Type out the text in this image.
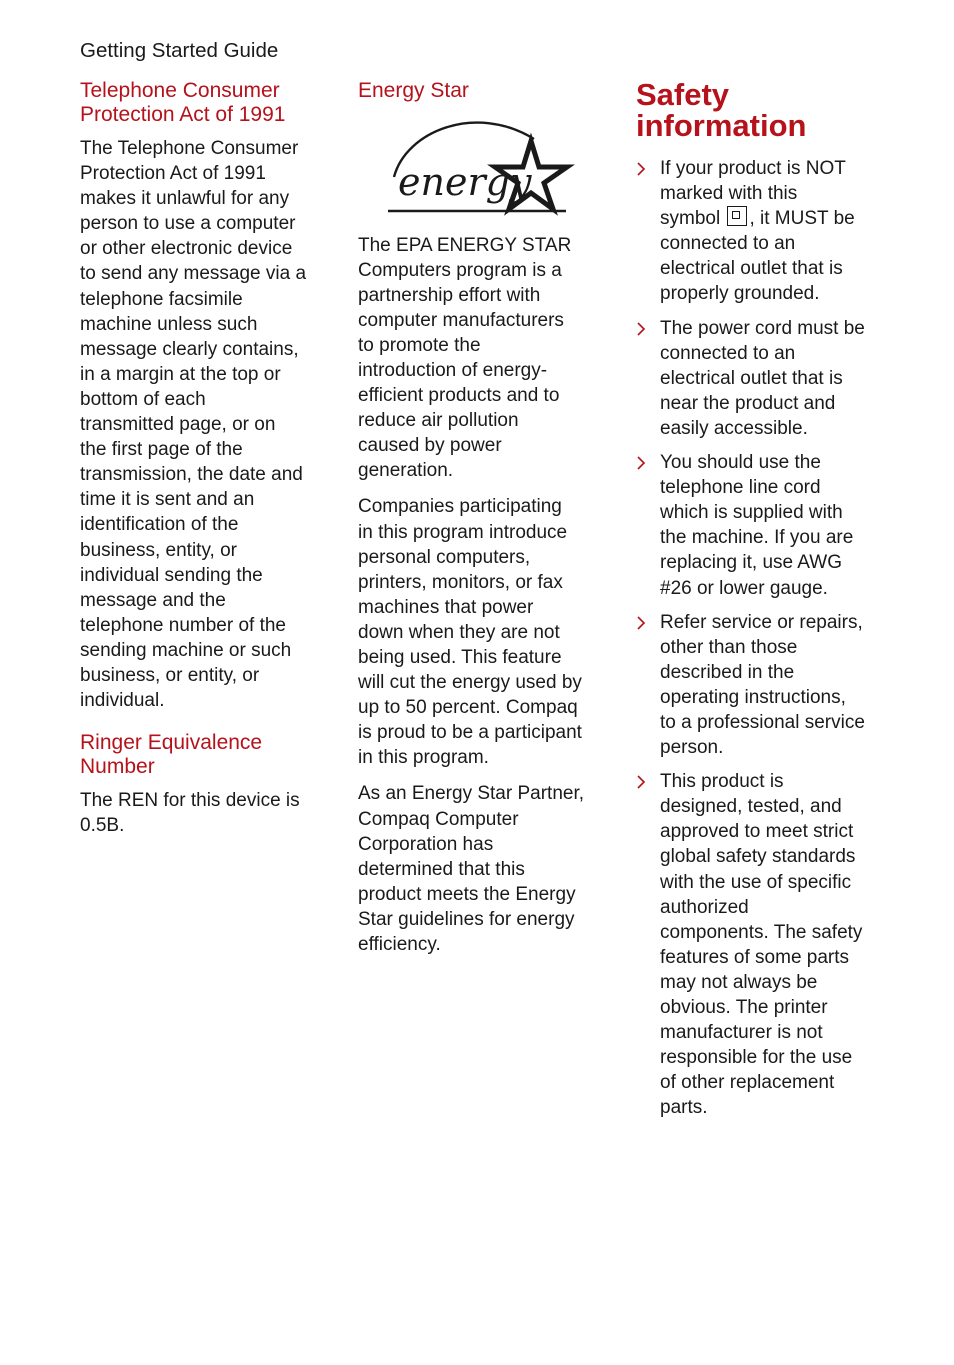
Getting Started Guide
Telephone Consumer
Protection Act of 1991

The Telephone Consumer
Protection Act of 1991
makes it unlawful for any
person to use a computer
or other electronic device
to send any message via a
telephone facsimile
machine unless such
message clearly contains,
in a margin at the top or
bottom of each
transmitted page, or on
the first page of the
transmission, the date and
time it is sent and an
identification of the
business, entity, or
individual sending the
message and the
telephone number of the
sending machine or such
business, or entity, or
individual.

Ringer Equivalence
Number

The REN for this device is
0.5B.

Energy Star
energy

The EPA ENERGY STAR
Computers program is a
partnership effort with
computer manufacturers
to promote the
introduction of energy-
efficient products and to
reduce air pollution
caused by power
generation.

Companies participating
in this program introduce
personal computers,
printers, monitors, or fax
machines that power
down when they are not
being used. This feature
will cut the energy used by
up to 50 percent. Compaq
is proud to be a participant
in this program.

As an Energy Star Partner,
Compaq Computer
Corporation has
determined that this
product meets the Energy
Star guidelines for energy
efficiency.

Safety
information
If your product is NOT
marked with this
symbol , it MUST be
connected to an
electrical outlet that is
properly grounded.
The power cord must be
connected to an
electrical outlet that is
near the product and
easily accessible.
You should use the
telephone line cord
which is supplied with
the machine. If you are
replacing it, use AWG
#26 or lower gauge.
Refer service or repairs,
other than those
described in the
operating instructions,
to a professional service
person.
This product is
designed, tested, and
approved to meet strict
global safety standards
with the use of specific
authorized
components. The safety
features of some parts
may not always be
obvious. The printer
manufacturer is not
responsible for the use
of other replacement
parts.
